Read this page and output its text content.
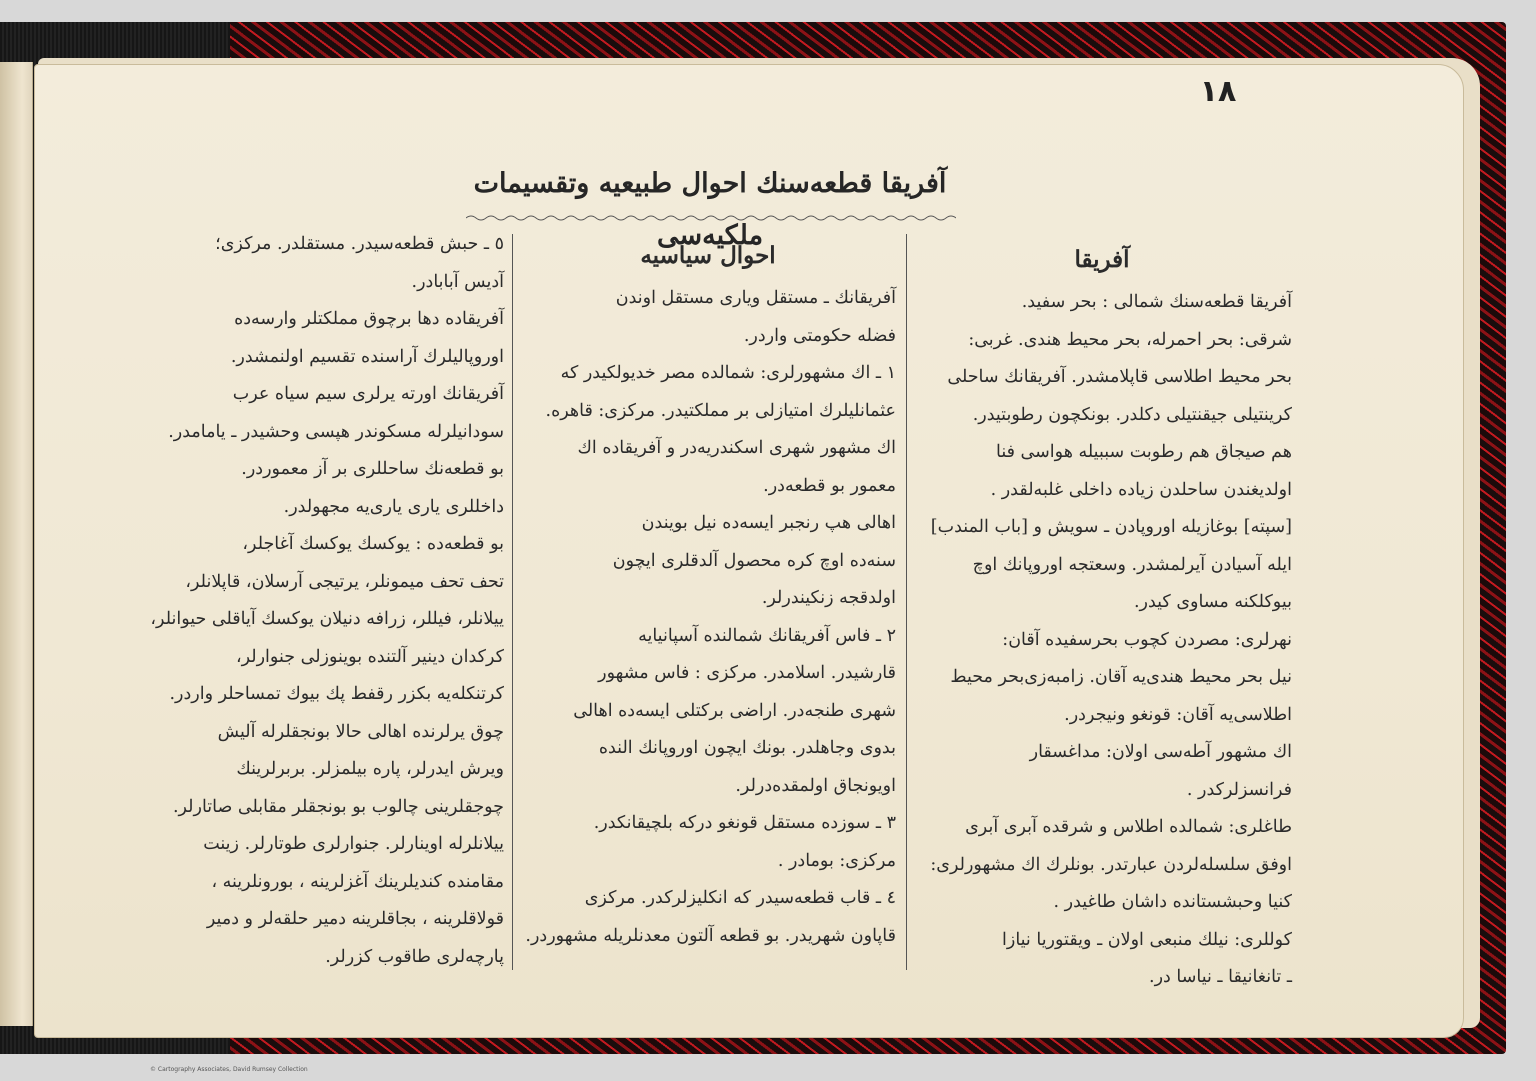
١٨
آفريقا قطعه‌سنك احوال طبيعيه وتقسيمات ملكيه‌سى

آفريقا

آفريقا قطعه‌سنك شمالى : بحر سفيد.

شرقى: بحر احمرله، بحر محيط هندى. غربى:

بحر محيط اطلاسى قاپلامشدر. آفريقانك ساحلى

كرينتيلى جيقنتيلى دكلدر. بونكچون رطوبتيدر.

هم صيجاق هم رطوبت سببيله هواسى فنا

اولديغندن ساحلدن زياده داخلى غلبه‌لقدر .

[سپته] بوغازيله اوروپادن ـ سويش و [باب المندب]

ايله آسيادن آيرلمشدر. وسعتجه اوروپانك اوچ

بيوكلكنه مساوى كيدر.

نهرلرى: مصردن كچوب بحرسفيده آقان:

نيل بحر محيط هندى‌يه آقان. زامبه‌زى‌بحر محيط

اطلاسى‌يه آقان: قونغو ونيجردر.

اك مشهور آطه‌سى اولان: مداغسقار

فرانسزلركدر .

طاغلرى: شمالده اطلاس و شرقده آبرى آبرى

اوفق سلسله‌لردن عبارتدر. بونلرك اك مشهورلرى:

كنيا وحبشستانده داشان طاغيدر .

كوللرى: نيلك منبعى اولان ـ ويقتوريا نيازا

ـ تانغانيقا ـ نياسا در.

احوال سياسيه

آفريقانك ـ مستقل ويارى مستقل اوندن

فضله حكومتى واردر.

١ ـ اك مشهورلرى: شمالده مصر خديولكيدر كه

عثمانليلرك امتيازلى بر مملكتيدر. مركزى: قاهره.

اك مشهور شهرى اسكندريه‌در و آفريقاده اك

معمور بو قطعه‌در.

اهالى هپ رنجبر ايسه‌ده نيل بويندن

سنه‌ده اوچ كره محصول آلدقلرى ايچون

اولدقجه زنكيندرلر.

٢ ـ فاس آفريقانك شمالنده آسپانيايه

قارشيدر. اسلامدر. مركزى : فاس مشهور

شهرى طنجه‌در. اراضى بركتلى ايسه‌ده اهالى

بدوى وجاهلدر. بونك ايچون اوروپانك النده

اويونجاق اولمقده‌درلر.

٣ ـ سوزده مستقل قونغو دركه بلچيقانكدر.

مركزى: بومادر .

٤ ـ قاب قطعه‌سيدر كه انكليزلركدر. مركزى

قاپاون شهريدر. بو قطعه آلتون معدنلريله مشهوردر.

٥ ـ حبش قطعه‌سيدر. مستقلدر. مركزى؛

آديس آبابادر.

آفريقاده دها برچوق مملكتلر وارسه‌ده

اوروپاليلرك آراسنده تقسيم اولنمشدر.

آفريقانك اورته يرلرى سيم سياه عرب

سودانيلرله مسكوندر هپسى وحشيدر ـ يامامدر.

بو قطعه‌نك ساحللرى بر آز معموردر.

داخللرى يارى يارى‌يه مجهولدر.

بو قطعه‌ده : يوكسك يوكسك آغاجلر،

تحف تحف ميمونلر، يرتيجى آرسلان، قاپلانلر،

ييلانلر، فيللر، زرافه دنيلان يوكسك آياقلى حيوانلر،

كركدان دينير آلتنده بوينوزلى جنوارلر،

كرتنكله‌يه بكزر رقفط پك بيوك تمساحلر واردر.

چوق يرلرنده اهالى حالا بونجقلرله آليش

ويرش ايدرلر، پاره بيلمزلر. بربرلرينك

چوجقلرينى چالوب بو بونجقلر مقابلى صاتارلر.

ييلانلرله اوينارلر. جنوارلرى طوتارلر. زينت

مقامنده كنديلرينك آغزلرينه ، بورونلرينه ،

قولاقلرينه ، بجاقلرينه دمير حلقه‌لر و دمير

پارچه‌لرى طاقوب كزرلر.

© Cartography Associates, David Rumsey Collection
